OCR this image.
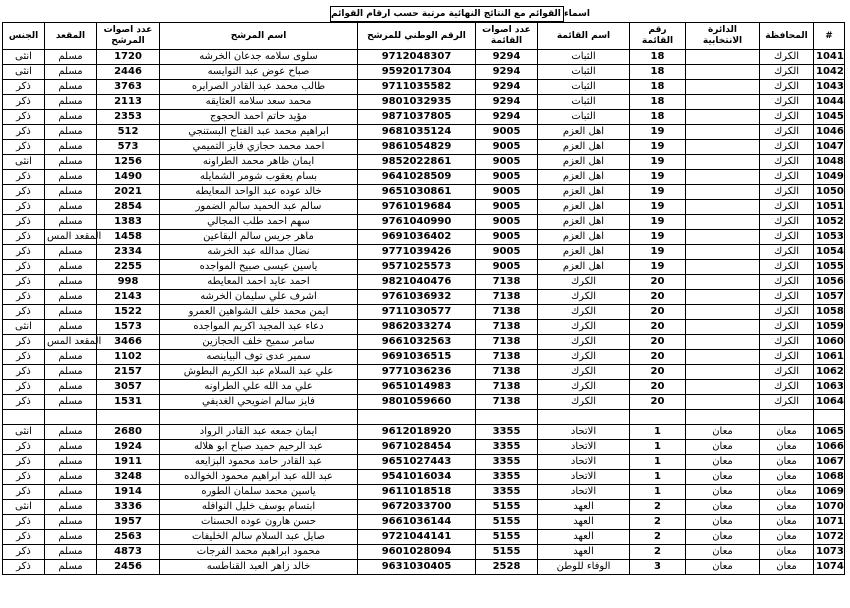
اسماء القوائم مع النتائج النهائية مرتبة حسب ارقام القوائم
الجنس	المقعد	عدد اصوات المرشح	اسم المرشح	الرقم الوطني للمرشح	عدد اصوات القائمة	اسم القائمة	رقم القائمة	الدائرة الانتخابية	المحافظة	#
انثى	مسلم	1720	سلوى سلامه جدعان الخرشه	9712048307	9294	الثبات	18		الكرك	1041
انثى	مسلم	2446	صباح عوض عبد النوايسه	9592017304	9294	الثبات	18		الكرك	1042
ذكر	مسلم	3763	طالب محمد عبد القادر الصرايره	9711035582	9294	الثبات	18		الكرك	1043
ذكر	مسلم	2113	محمد سعد سلامه العثايقه	9801032935	9294	الثبات	18		الكرك	1044
ذكر	مسلم	2353	مؤيد حاتم احمد الحجوج	9871037805	9294	الثبات	18		الكرك	1045
ذكر	مسلم	512	ابراهيم محمد عبد الفتاح البستنجي	9681035124	9005	اهل العزم	19		الكرك	1046
ذكر	مسلم	573	احمد محمد حجازي فايز التميمي	9861054829	9005	اهل العزم	19		الكرك	1047
انثى	مسلم	1256	ايمان ظاهر محمد الطراونه	9852022861	9005	اهل العزم	19		الكرك	1048
ذكر	مسلم	1490	بسام يعقوب شومر الشمايله	9641028509	9005	اهل العزم	19		الكرك	1049
ذكر	مسلم	2021	خالد عوده عبد الواحد المعايطه	9651030861	9005	اهل العزم	19		الكرك	1050
ذكر	مسلم	2854	سالم عبد الحميد سالم الضمور	9761019684	9005	اهل العزم	19		الكرك	1051
ذكر	مسلم	1383	سهم احمد طلب المجالي	9761040990	9005	اهل العزم	19		الكرك	1052
ذكر	المقعد المس	1458	ماهر جريس سالم البقاعين	9691036402	9005	اهل العزم	19		الكرك	1053
ذكر	مسلم	2334	نضال مدالله عبد الخرشه	9771039426	9005	اهل العزم	19		الكرك	1054
ذكر	مسلم	2255	ياسين عيسى صبيح المواجده	9571025573	9005	اهل العزم	19		الكرك	1055
ذكر	مسلم	998	احمد عايد احمد المعايطه	9821040476	7138	الكرك	20		الكرك	1056
ذكر	مسلم	2143	اشرف علي سليمان الخرشه	9761036932	7138	الكرك	20		الكرك	1057
ذكر	مسلم	1522	ايمن محمد خلف الشواهين العمرو	9711030577	7138	الكرك	20		الكرك	1058
انثى	مسلم	1573	دعاء عبد المجيد اكريم المواجده	9862033274	7138	الكرك	20		الكرك	1059
ذكر	المقعد المس	3466	سامر سميح خلف الحجازين	9661032563	7138	الكرك	20		الكرك	1060
ذكر	مسلم	1102	سمير عدى توف البياينصه	9691036515	7138	الكرك	20		الكرك	1061
ذكر	مسلم	2157	علي عبد السلام عبد الكريم البطوش	9771036236	7138	الكرك	20		الكرك	1062
ذكر	مسلم	3057	علي مد الله علي الطراونه	9651014983	7138	الكرك	20		الكرك	1063
ذكر	مسلم	1531	فايز سالم اضويحي الغديفي	9801059660	7138	الكرك	20		الكرك	1064

انثى	مسلم	2680	ايمان جمعه عبد القادر الرواد	9612018920	3355	الاتحاد	1	معان	معان	1065
ذكر	مسلم	1924	عبد الرحيم حميد صباح ابو هلاله	9671028454	3355	الاتحاد	1	معان	معان	1066
ذكر	مسلم	1911	عبد القادر حامد محمود البزايعه	9651027443	3355	الاتحاد	1	معان	معان	1067
ذكر	مسلم	3248	عبد الله عبد ابراهيم محمود الخوالده	9541016034	3355	الاتحاد	1	معان	معان	1068
ذكر	مسلم	1914	ياسين محمد سلمان الطوره	9611018518	3355	الاتحاد	1	معان	معان	1069
انثى	مسلم	3336	ابتسام يوسف خليل النوافله	9672033700	5155	العهد	2	معان	معان	1070
ذكر	مسلم	1957	حسن هارون عوده الحسنات	9661036144	5155	العهد	2	معان	معان	1071
ذكر	مسلم	2563	صايل عبد السلام سالم الخليفات	9721044141	5155	العهد	2	معان	معان	1072
ذكر	مسلم	4873	محمود ابراهيم محمد الفرجات	9601028094	5155	العهد	2	معان	معان	1073
ذكر	مسلم	2456	خالد زاهر العبد القناطسه	9631030405	2528	الوفاء للوطن	3	معان	معان	1074
